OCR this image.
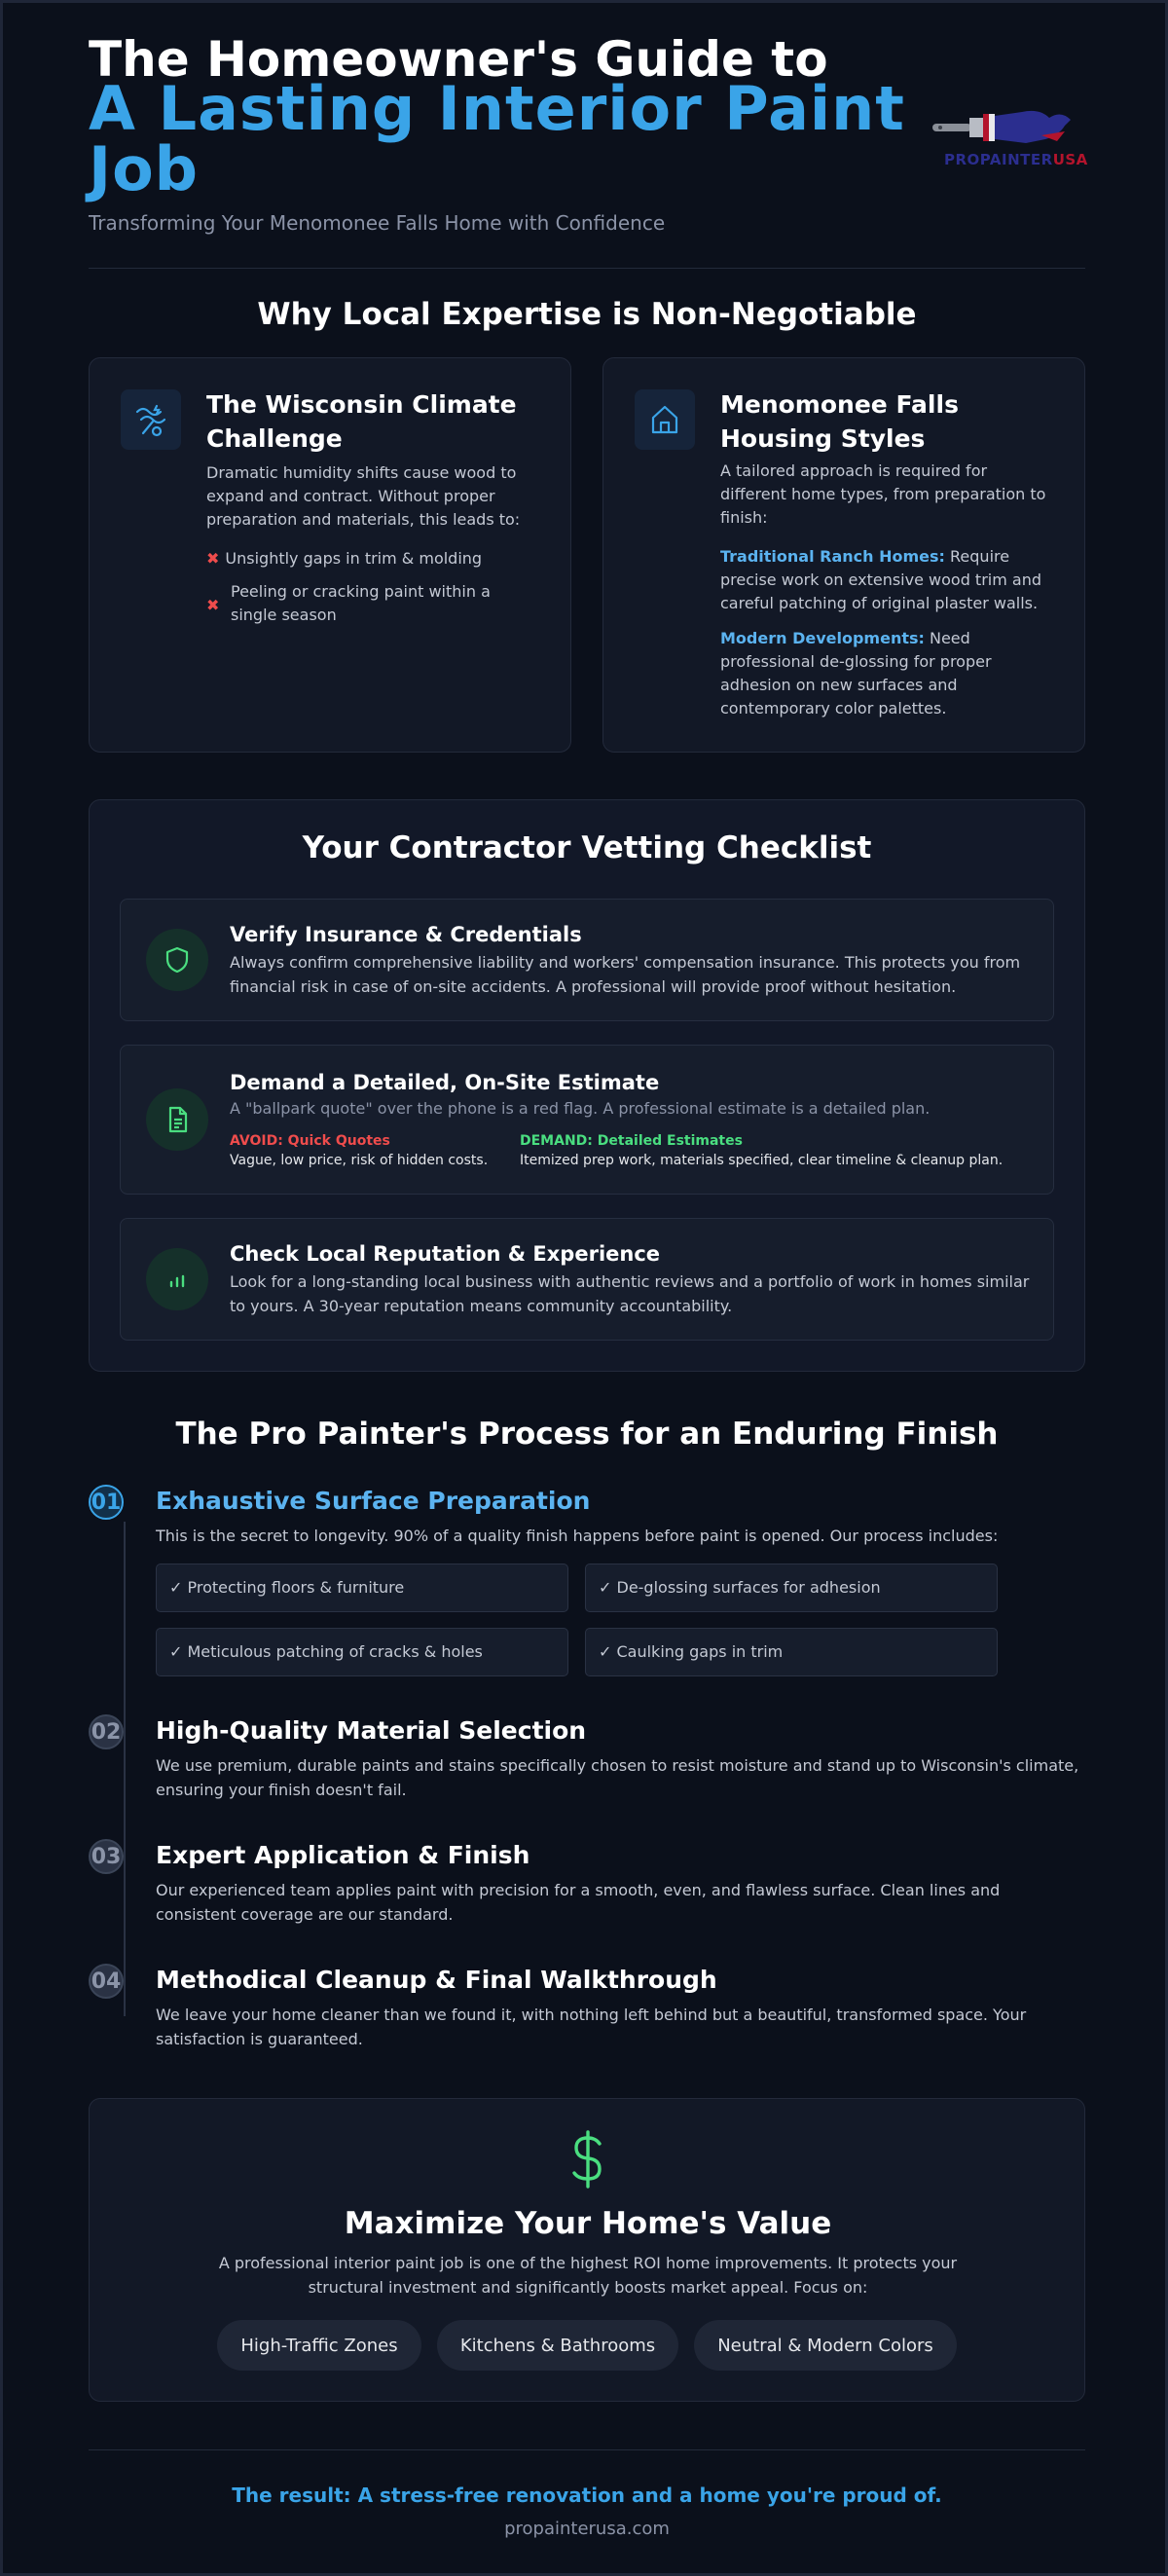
The Homeowner's Guide to
A Lasting Interior Paint Job
Transforming Your Menomonee Falls Home with Confidence
PROPAINTERUSA
Why Local Expertise is Non-Negotiable
The Wisconsin Climate Challenge
Dramatic humidity shifts cause wood to expand and contract. Without proper preparation and materials, this leads to:
✖ Unsightly gaps in trim & molding
✖
Peeling or cracking paint within a single season
Menomonee Falls Housing Styles
A tailored approach is required for different home types, from preparation to finish:
Traditional Ranch Homes: Require precise work on extensive wood trim and careful patching of original plaster walls.
Modern Developments: Need professional de-glossing for proper adhesion on new surfaces and contemporary color palettes.
Your Contractor Vetting Checklist
Verify Insurance & Credentials
Always confirm comprehensive liability and workers' compensation insurance. This protects you from financial risk in case of on-site accidents. A professional will provide proof without hesitation.
Demand a Detailed, On-Site Estimate
A "ballpark quote" over the phone is a red flag. A professional estimate is a detailed plan.
AVOID: Quick Quotes
Vague, low price, risk of hidden costs.
DEMAND: Detailed Estimates
Itemized prep work, materials specified, clear timeline & cleanup plan.
Check Local Reputation & Experience
Look for a long-standing local business with authentic reviews and a portfolio of work in homes similar to yours. A 30-year reputation means community accountability.
The Pro Painter's Process for an Enduring Finish
01 Exhaustive Surface Preparation
This is the secret to longevity. 90% of a quality finish happens before paint is opened. Our process includes:
✓ Protecting floors & furniture	✓ De-glossing surfaces for adhesion
✓ Meticulous patching of cracks & holes	✓ Caulking gaps in trim
02 High-Quality Material Selection
We use premium, durable paints and stains specifically chosen to resist moisture and stand up to Wisconsin's climate, ensuring your finish doesn't fail.
03 Expert Application & Finish
Our experienced team applies paint with precision for a smooth, even, and flawless surface. Clean lines and consistent coverage are our standard.
04 Methodical Cleanup & Final Walkthrough
We leave your home cleaner than we found it, with nothing left behind but a beautiful, transformed space. Your satisfaction is guaranteed.
Maximize Your Home's Value
A professional interior paint job is one of the highest ROI home improvements. It protects your structural investment and significantly boosts market appeal. Focus on:
High-Traffic Zones	Kitchens & Bathrooms	Neutral & Modern Colors
The result: A stress-free renovation and a home you're proud of.
propainterusa.com
